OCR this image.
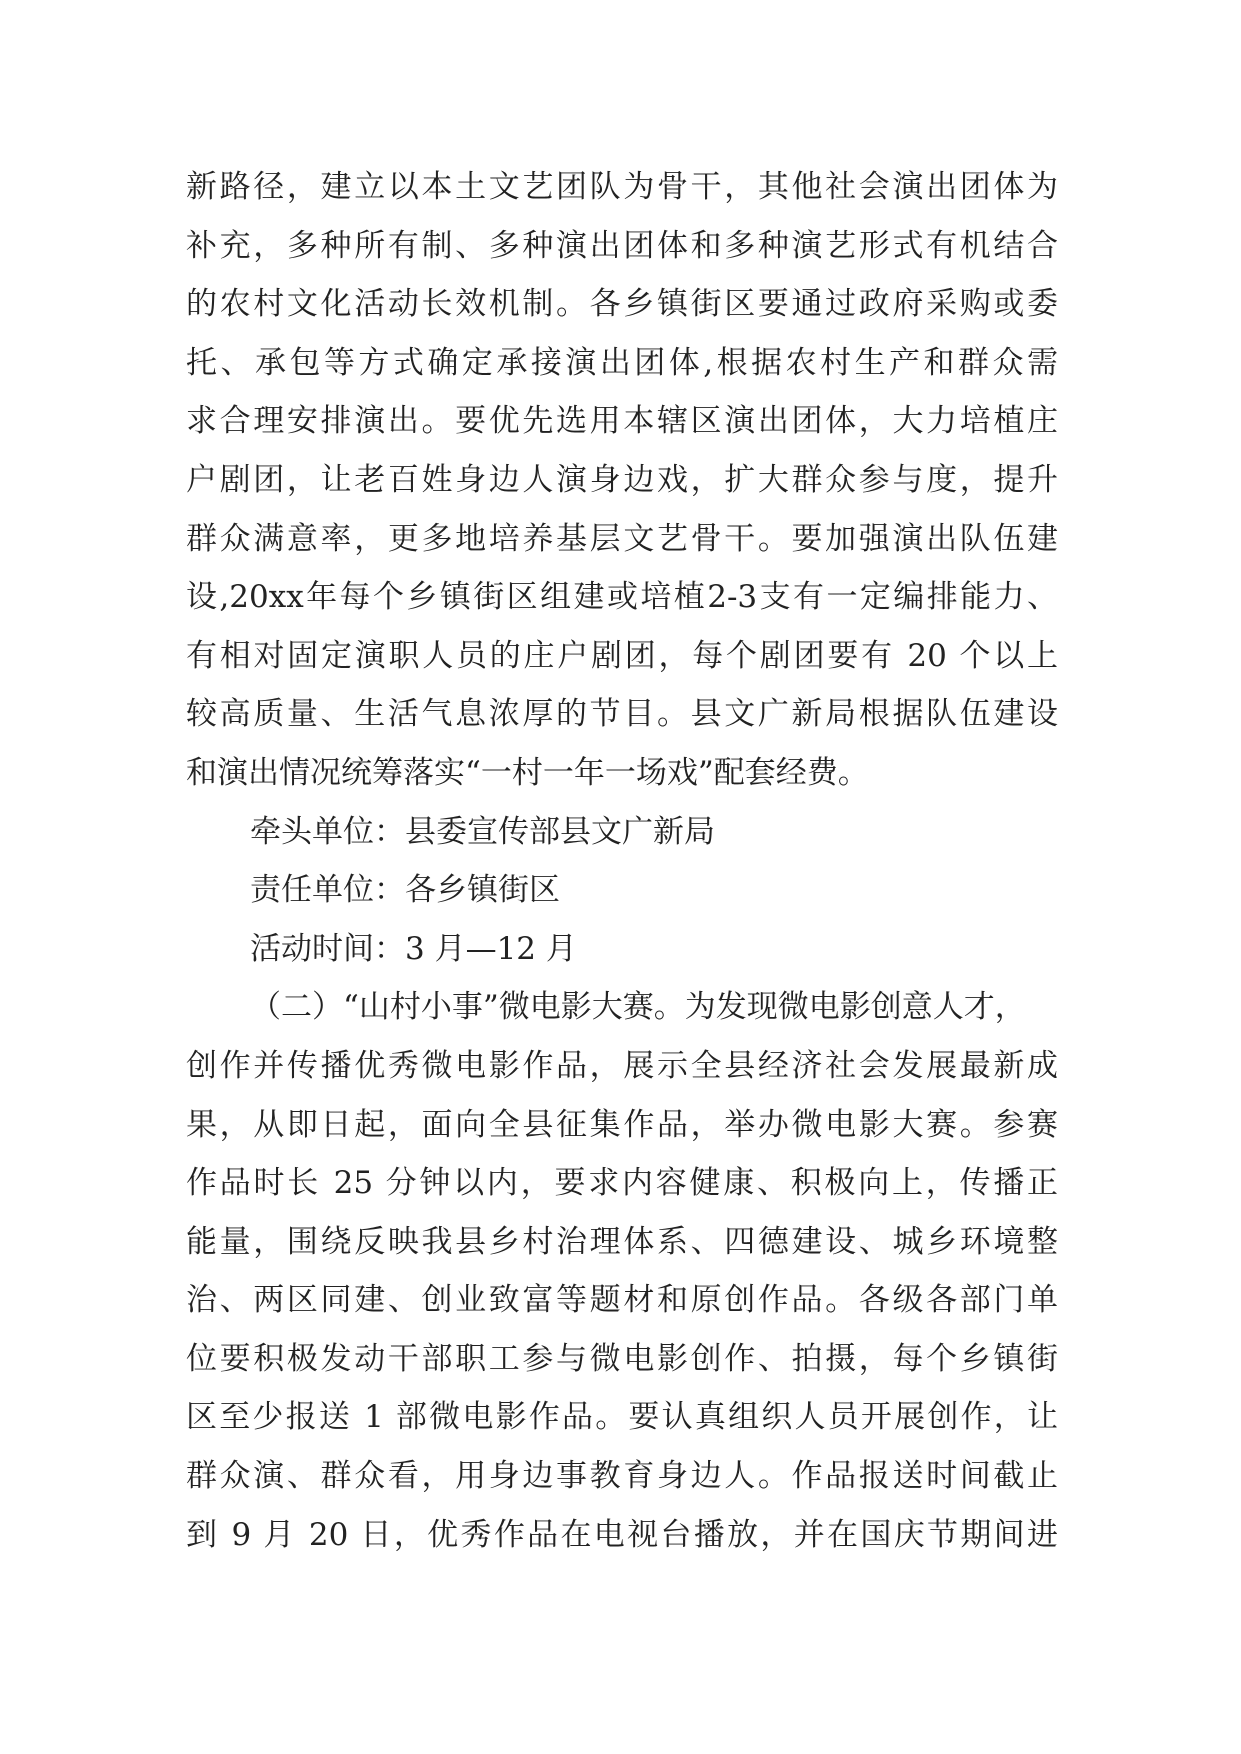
新路径，建立以本土文艺团队为骨干，其他社会演出团体为
补充，多种所有制、多种演出团体和多种演艺形式有机结合
的农村文化活动长效机制。各乡镇街区要通过政府采购或委
托、承包等方式确定承接演出团体,根据农村生产和群众需
求合理安排演出。要优先选用本辖区演出团体，大力培植庄
户剧团，让老百姓身边人演身边戏，扩大群众参与度，提升
群众满意率，更多地培养基层文艺骨干。要加强演出队伍建
设,20xx年每个乡镇街区组建或培植2-3支有一定编排能力、
有相对固定演职人员的庄户剧团，每个剧团要有 20 个以上
较高质量、生活气息浓厚的节目。县文广新局根据队伍建设
和演出情况统筹落实“一村一年一场戏”配套经费。
牵头单位：县委宣传部县文广新局
责任单位：各乡镇街区
活动时间：3 月—12 月
（二）“山村小事”微电影大赛。为发现微电影创意人才，
创作并传播优秀微电影作品，展示全县经济社会发展最新成
果，从即日起，面向全县征集作品，举办微电影大赛。参赛
作品时长 25 分钟以内，要求内容健康、积极向上，传播正
能量，围绕反映我县乡村治理体系、四德建设、城乡环境整
治、两区同建、创业致富等题材和原创作品。各级各部门单
位要积极发动干部职工参与微电影创作、拍摄，每个乡镇街
区至少报送 1 部微电影作品。要认真组织人员开展创作，让
群众演、群众看，用身边事教育身边人。作品报送时间截止
到 9 月 20 日，优秀作品在电视台播放，并在国庆节期间进
